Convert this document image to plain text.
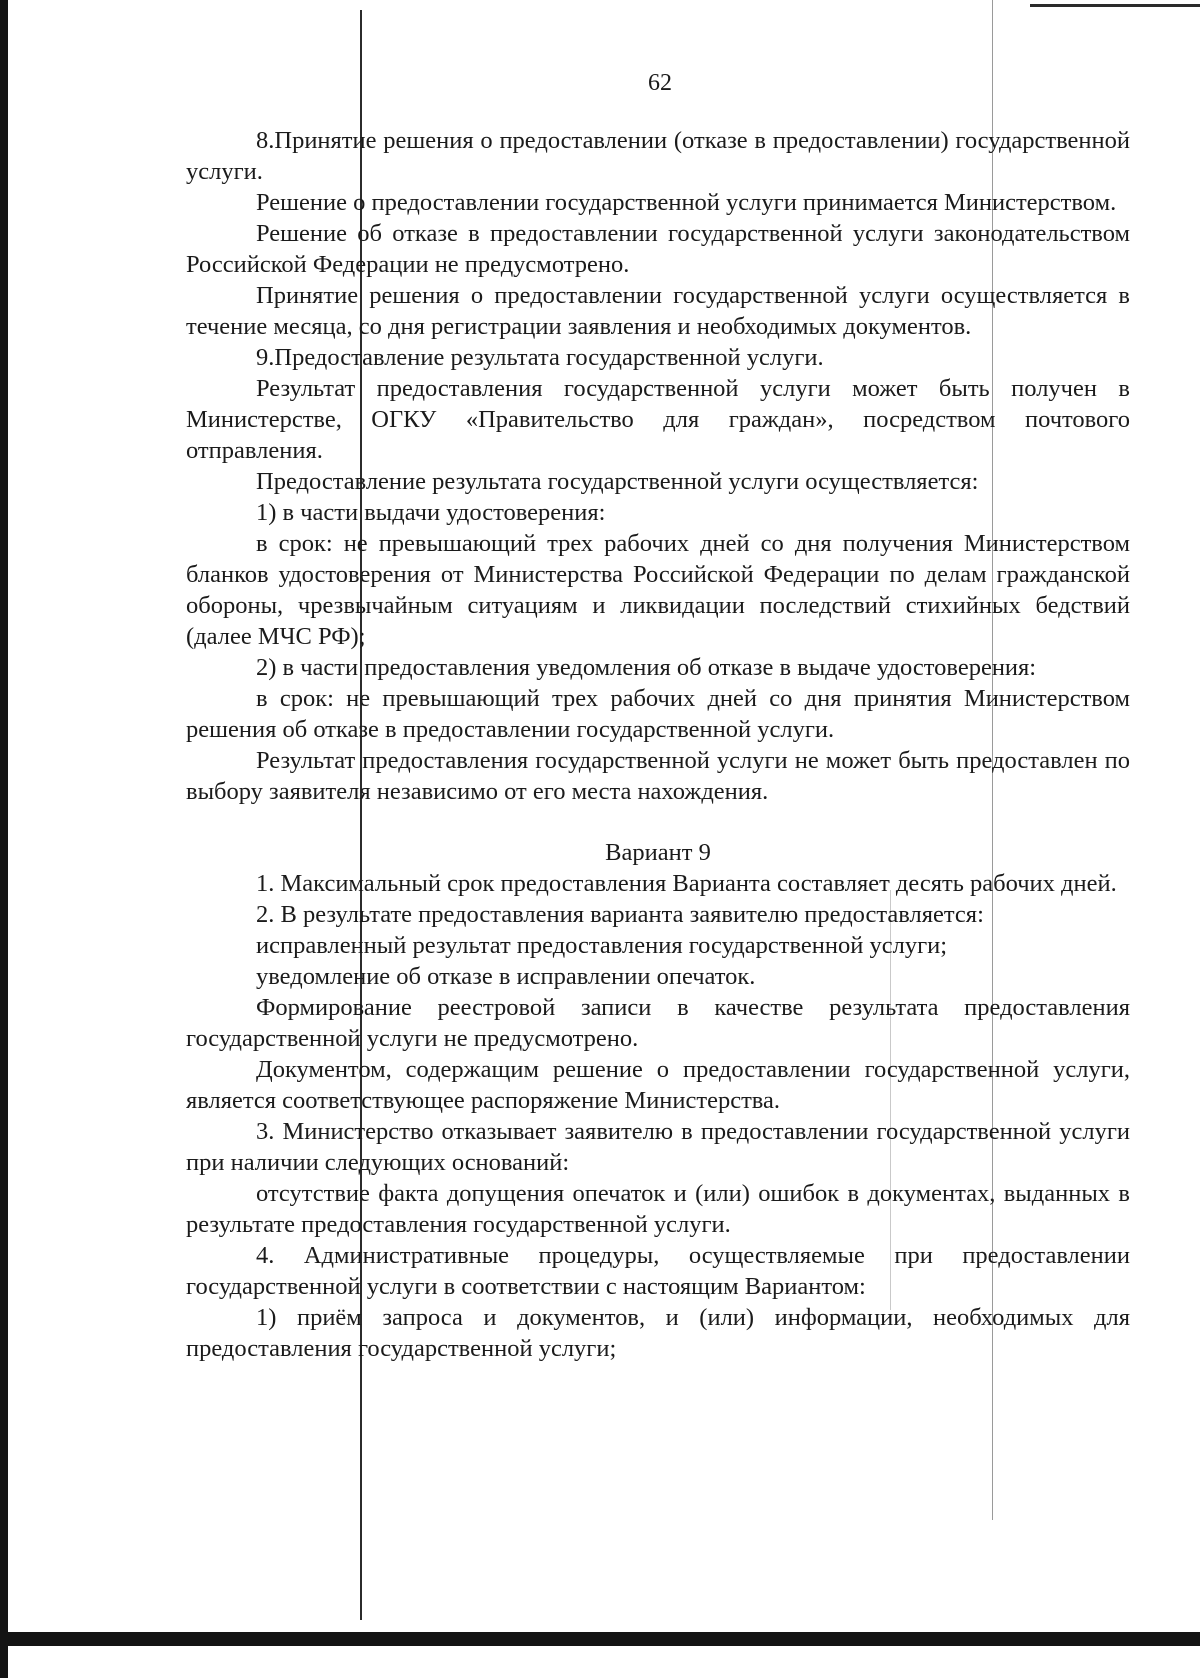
62

8.Принятие решения о предоставлении (отказе в предоставлении) государственной услуги.

Решение о предоставлении государственной услуги принимается Министерством.

Решение об отказе в предоставлении государственной услуги законодательством Российской Федерации не предусмотрено.

Принятие решения о предоставлении государственной услуги осуществляется в течение месяца, со дня регистрации заявления и необходимых документов.

9.Предоставление результата государственной услуги.

Результат предоставления государственной услуги может быть получен в Министерстве, ОГКУ «Правительство для граждан», посредством почтового отправления.

Предоставление результата государственной услуги осуществляется:

1) в части выдачи удостоверения:

в срок: не превышающий трех рабочих дней со дня получения Министерством бланков удостоверения от Министерства Российской Федерации по делам гражданской обороны, чрезвычайным ситуациям и ликвидации последствий стихийных бедствий (далее МЧС РФ);

2) в части предоставления уведомления об отказе в выдаче удостоверения:

в срок: не превышающий трех рабочих дней со дня принятия Министерством решения об отказе в предоставлении государственной услуги.

Результат предоставления государственной услуги не может быть предоставлен по выбору заявителя независимо от его места нахождения.

Вариант 9

1. Максимальный срок предоставления Варианта составляет десять рабочих дней.

2. В результате предоставления варианта заявителю предоставляется:

исправленный результат предоставления государственной услуги;

уведомление об отказе в исправлении опечаток.

Формирование реестровой записи в качестве результата предоставления государственной услуги не предусмотрено.

Документом, содержащим решение о предоставлении государственной услуги, является соответствующее распоряжение Министерства.

3. Министерство отказывает заявителю в предоставлении государственной услуги при наличии следующих оснований:

отсутствие факта допущения опечаток и (или) ошибок в документах, выданных в результате предоставления государственной услуги.

4. Административные процедуры, осуществляемые при предоставлении государственной услуги в соответствии с настоящим Вариантом:

1) приём запроса и документов, и (или) информации, необходимых для предоставления государственной услуги;
